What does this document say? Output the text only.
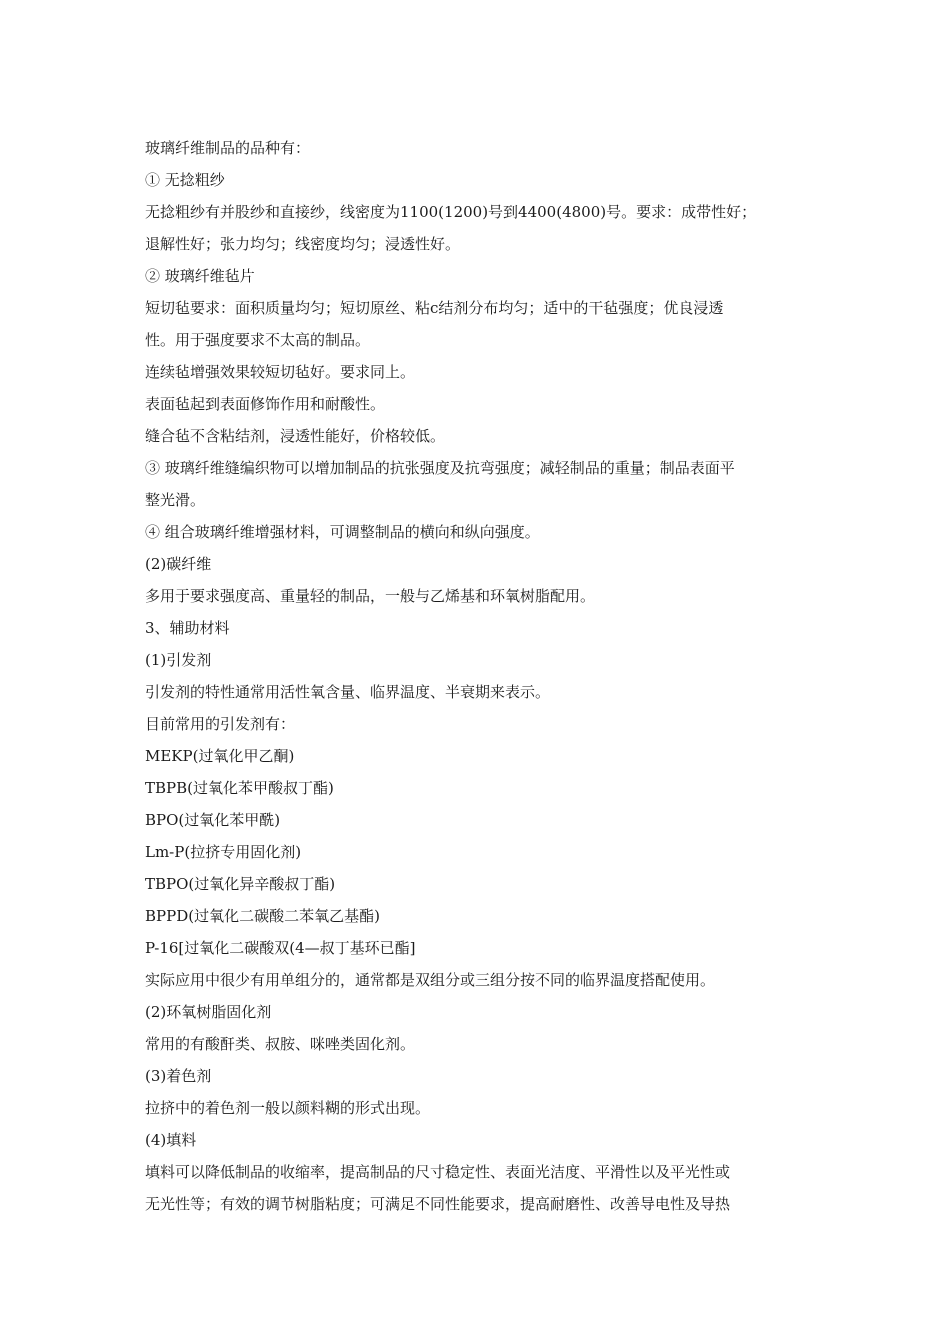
玻璃纤维制品的品种有：
① 无捻粗纱
无捻粗纱有并股纱和直接纱，线密度为1100(1200)号到4400(4800)号。要求：成带性好；
退解性好；张力均匀；线密度均匀；浸透性好。
② 玻璃纤维毡片
短切毡要求：面积质量均匀；短切原丝、粘c结剂分布均匀；适中的干毡强度；优良浸透
性。用于强度要求不太高的制品。
连续毡增强效果较短切毡好。要求同上。
表面毡起到表面修饰作用和耐酸性。
缝合毡不含粘结剂，浸透性能好，价格较低。
③ 玻璃纤维缝编织物可以增加制品的抗张强度及抗弯强度；减轻制品的重量；制品表面平
整光滑。
④ 组合玻璃纤维增强材料，可调整制品的横向和纵向强度。
(2)碳纤维
多用于要求强度高、重量轻的制品，一般与乙烯基和环氧树脂配用。
3、辅助材料
(1)引发剂
引发剂的特性通常用活性氧含量、临界温度、半衰期来表示。
目前常用的引发剂有：
MEKP(过氧化甲乙酮)
TBPB(过氧化苯甲酸叔丁酯)
BPO(过氧化苯甲酰)
Lm-P(拉挤专用固化剂)
TBPO(过氧化异辛酸叔丁酯)
BPPD(过氧化二碳酸二苯氧乙基酯)
P-16[过氧化二碳酸双(4—叔丁基环已酯]
实际应用中很少有用单组分的，通常都是双组分或三组分按不同的临界温度搭配使用。
(2)环氧树脂固化剂
常用的有酸酐类、叔胺、咪唑类固化剂。
(3)着色剂
拉挤中的着色剂一般以颜料糊的形式出现。
(4)填料
填料可以降低制品的收缩率，提高制品的尺寸稳定性、表面光洁度、平滑性以及平光性或
无光性等；有效的调节树脂粘度；可满足不同性能要求，提高耐磨性、改善导电性及导热
